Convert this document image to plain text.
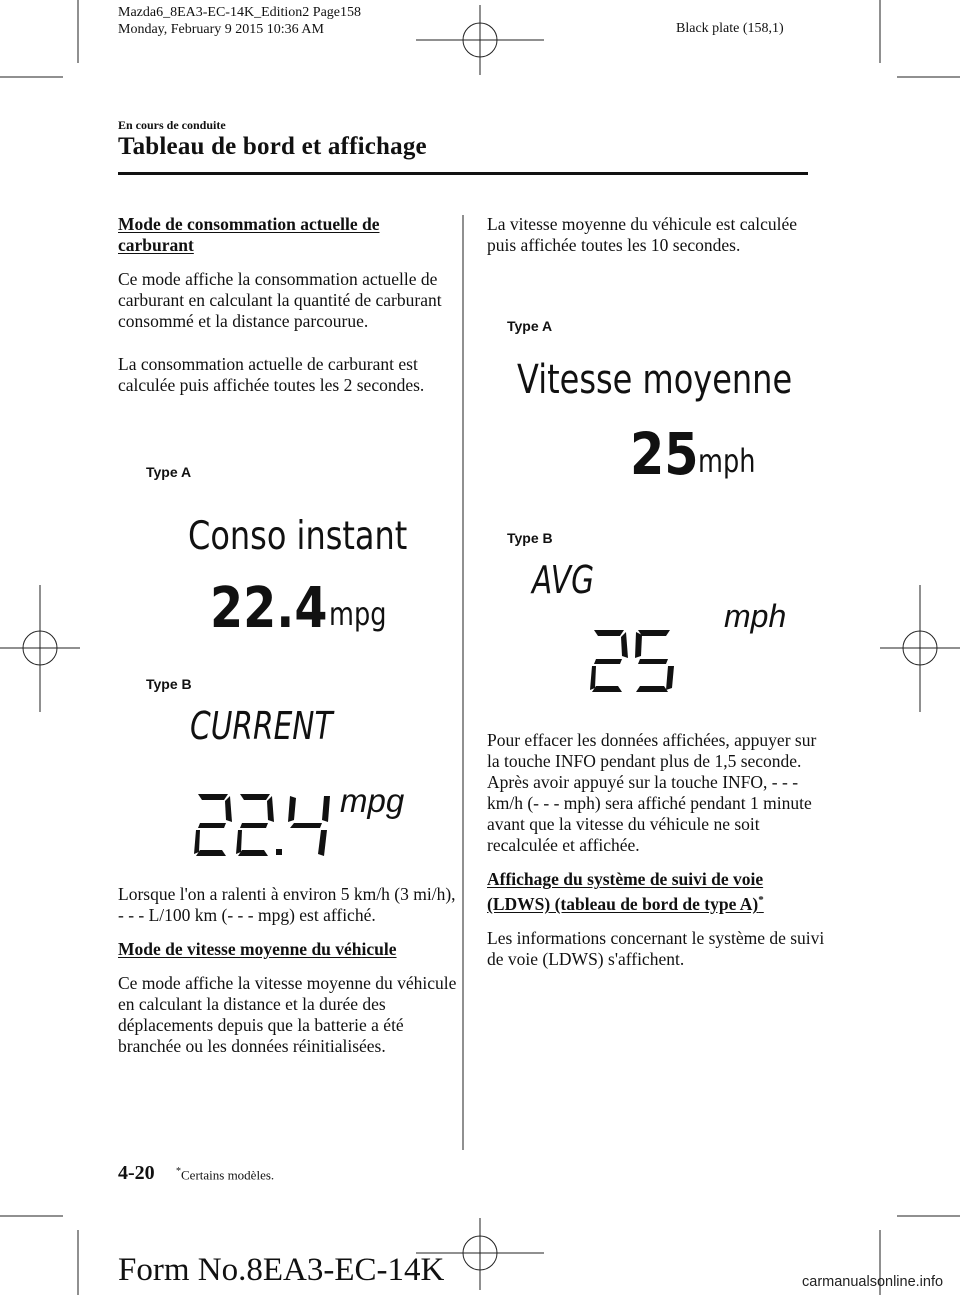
Mazda6_8EA3-EC-14K_Edition2 Page158
Monday, February 9 2015 10:36 AM	Black plate (158,1)
En cours de conduite
Tableau de bord et affichage

Mode de consommation actuelle de carburant

Ce mode affiche la consommation actuelle de carburant en calculant la quantité de carburant consommé et la distance parcourue.

La consommation actuelle de carburant est calculée puis affichée toutes les 2 secondes.

Type A
Conso instant
22.4 mpg
Type B
CURRENT
mpg

Lorsque l'on a ralenti à environ 5 km/h (3 mi/h), - - - L/100 km (- - - mpg) est affiché.

Mode de vitesse moyenne du véhicule

Ce mode affiche la vitesse moyenne du véhicule en calculant la distance et la durée des déplacements depuis que la batterie a été branchée ou les données réinitialisées.

La vitesse moyenne du véhicule est calculée puis affichée toutes les 10 secondes.

Type A
Vitesse moyenne
25 mph
Type B
AVG
mph

Pour effacer les données affichées, appuyer sur la touche INFO pendant plus de 1,5 seconde. Après avoir appuyé sur la touche INFO, - - - km/h (- - - mph) sera affiché pendant 1 minute avant que la vitesse du véhicule ne soit recalculée et affichée.

Affichage du système de suivi de voie (LDWS) (tableau de bord de type A)*

Les informations concernant le système de suivi de voie (LDWS) s'affichent.

4-20 *Certains modèles.
Form No.8EA3-EC-14K	carmanualsonline.info
